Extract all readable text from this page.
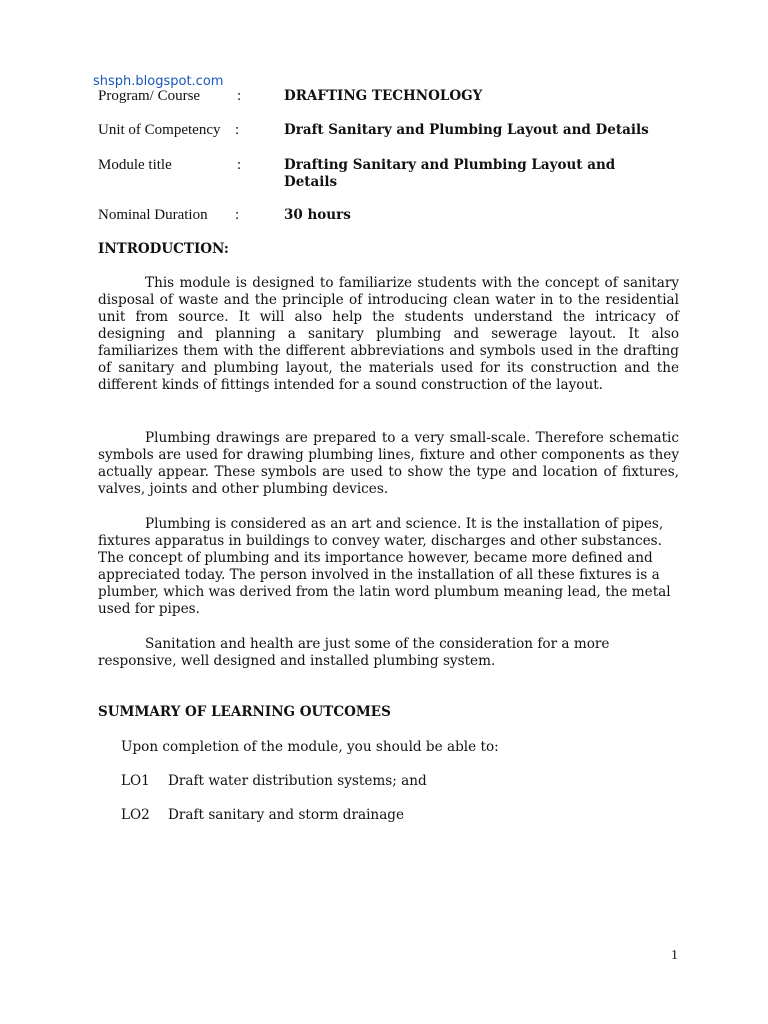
shsph.blogspot.com
Program/ Course :	DRAFTING TECHNOLOGY
Unit of Competency :	Draft Sanitary and Plumbing Layout and Details
Module title	:	Drafting Sanitary and Plumbing Layout and Details
Nominal Duration :	30 hours
INTRODUCTION:

This module is designed to familiarize students with the concept of sanitary disposal of waste and the principle of introducing clean water in to the residential unit from source. It will also help the students understand the intricacy of designing and planning a sanitary plumbing and sewerage layout. It also familiarizes them with the different abbreviations and symbols used in the drafting of sanitary and plumbing layout, the materials used for its construction and the different kinds of fittings intended for a sound construction of the layout.

Plumbing drawings are prepared to a very small-scale. Therefore schematic symbols are used for drawing plumbing lines, fixture and other components as they actually appear. These symbols are used to show the type and location of fixtures, valves, joints and other plumbing devices.

Plumbing is considered as an art and science. It is the installation of pipes, fixtures apparatus in buildings to convey water, discharges and other substances. The concept of plumbing and its importance however, became more defined and appreciated today. The person involved in the installation of all these fixtures is a plumber, which was derived from the latin word plumbum meaning lead, the metal used for pipes.

Sanitation and health are just some of the consideration for a more responsive, well designed and installed plumbing system.

SUMMARY OF LEARNING OUTCOMES
Upon completion of the module, you should be able to:
LO1 Draft water distribution systems; and
LO2 Draft sanitary and storm drainage
1
